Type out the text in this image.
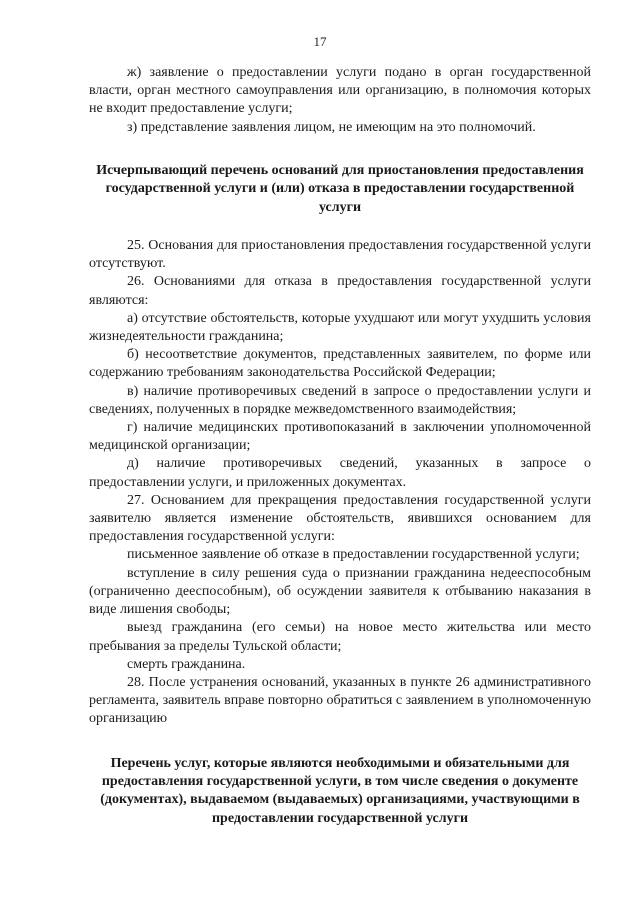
17

ж) заявление о предоставлении услуги подано в орган государственной власти, орган местного самоуправления или организацию, в полномочия которых не входит предоставление услуги;

з) представление заявления лицом, не имеющим на это полномочий.

Исчерпывающий перечень оснований для приостановления предоставления государственной услуги и (или) отказа в предоставлении государственной услуги

25. Основания для приостановления предоставления государственной услуги отсутствуют.

26. Основаниями для отказа в предоставления государственной услуги являются:

а) отсутствие обстоятельств, которые ухудшают или могут ухудшить условия жизнедеятельности гражданина;

б) несоответствие документов, представленных заявителем, по форме или содержанию требованиям законодательства Российской Федерации;

в) наличие противоречивых сведений в запросе о предоставлении услуги и сведениях, полученных в порядке межведомственного взаимодействия;

г) наличие медицинских противопоказаний в заключении уполномоченной медицинской организации;

д) наличие противоречивых сведений, указанных в запросе о предоставлении услуги, и приложенных документах.

27. Основанием для прекращения предоставления государственной услуги заявителю является изменение обстоятельств, явившихся основанием для предоставления государственной услуги:

письменное заявление об отказе в предоставлении государственной услуги;

вступление в силу решения суда о признании гражданина недееспособным (ограниченно дееспособным), об осуждении заявителя к отбыванию наказания в виде лишения свободы;

выезд гражданина (его семьи) на новое место жительства или место пребывания за пределы Тульской области;

смерть гражданина.

28. После устранения оснований, указанных в пункте 26 административного регламента, заявитель вправе повторно обратиться с заявлением в уполномоченную организацию

Перечень услуг, которые являются необходимыми и обязательными для предоставления государственной услуги, в том числе сведения о документе (документах), выдаваемом (выдаваемых) организациями, участвующими в предоставлении государственной услуги
